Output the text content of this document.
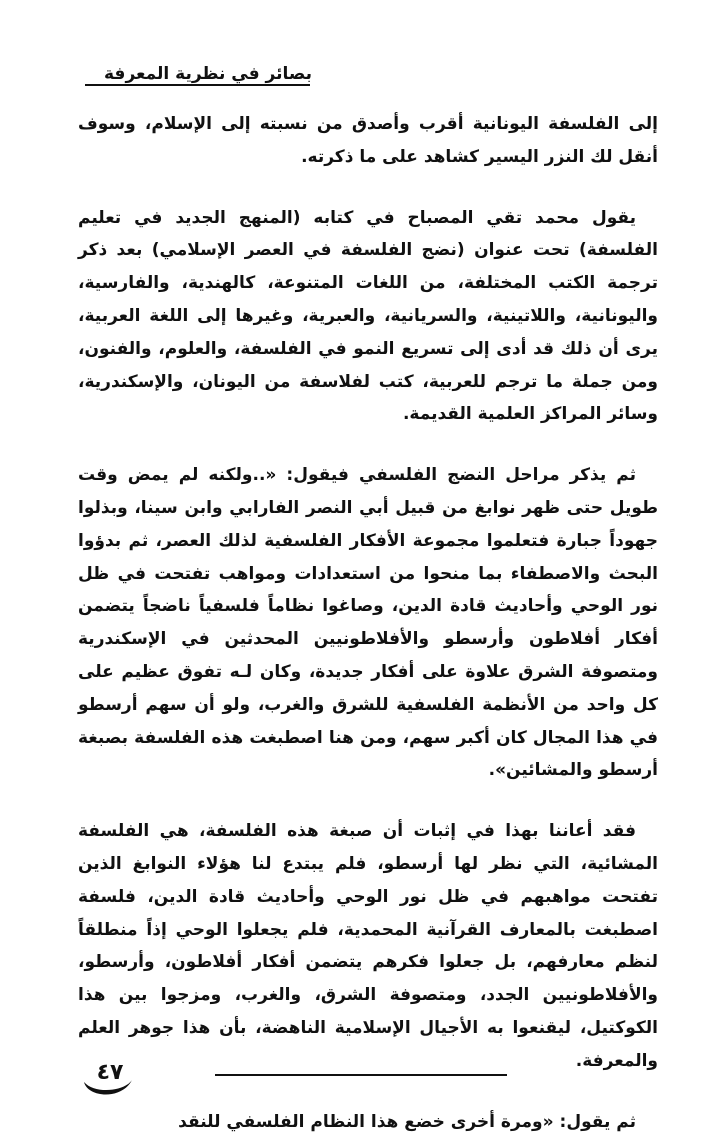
بصائر في نظرية المعرفة

إلى الفلسفة اليونانية أقرب وأصدق من نسبته إلى الإسلام، وسوف أنقل لك النزر اليسير كشاهد على ما ذكرته.

يقول محمد تقي المصباح في كتابه (المنهج الجديد في تعليم الفلسفة) تحت عنوان (نضج الفلسفة في العصر الإسلامي) بعد ذكر ترجمة الكتب المختلفة، من اللغات المتنوعة، كالهندية، والفارسية، واليونانية، واللاتينية، والسريانية، والعبرية، وغيرها إلى اللغة العربية، يرى أن ذلك قد أدى إلى تسريع النمو في الفلسفة، والعلوم، والفنون، ومن جملة ما ترجم للعربية، كتب لفلاسفة من اليونان، والإسكندرية، وسائر المراكز العلمية القديمة.

ثم يذكر مراحل النضج الفلسفي فيقول: «..ولكنه لم يمض وقت طويل حتى ظهر نوابغ من قبيل أبي النصر الفارابي وابن سينا، وبذلوا جهوداً جبارة فتعلموا مجموعة الأفكار الفلسفية لذلك العصر، ثم بدؤوا البحث والاصطفاء بما منحوا من استعدادات ومواهب تفتحت في ظل نور الوحي وأحاديث قادة الدين، وصاغوا نظاماً فلسفياً ناضجاً يتضمن أفكار أفلاطون وأرسطو والأفلاطونيين المحدثين في الإسكندرية ومتصوفة الشرق علاوة على أفكار جديدة، وكان لـه تفوق عظيم على كل واحد من الأنظمة الفلسفية للشرق والغرب، ولو أن سهم أرسطو في هذا المجال كان أكبر سهم، ومن هنا اصطبغت هذه الفلسفة بصبغة أرسطو والمشائين».

فقد أعاننا بهذا في إثبات أن صبغة هذه الفلسفة، هي الفلسفة المشائية، التي نظر لها أرسطو، فلم يبتدع لنا هؤلاء النوابغ الذين تفتحت مواهبهم في ظل نور الوحي وأحاديث قادة الدين، فلسفة اصطبغت بالمعارف القرآنية المحمدية، فلم يجعلوا الوحي إذاً منطلقاً لنظم معارفهم، بل جعلوا فكرهم يتضمن أفكار أفلاطون، وأرسطو، والأفلاطونيين الجدد، ومتصوفة الشرق، والغرب، ومزجوا بين هذا الكوكتيل، ليقنعوا به الأجيال الإسلامية الناهضة، بأن هذا جوهر العلم والمعرفة.

ثم يقول: «ومرة أخرى خضع هذا النظام الفلسفي للنقد

٤٧
